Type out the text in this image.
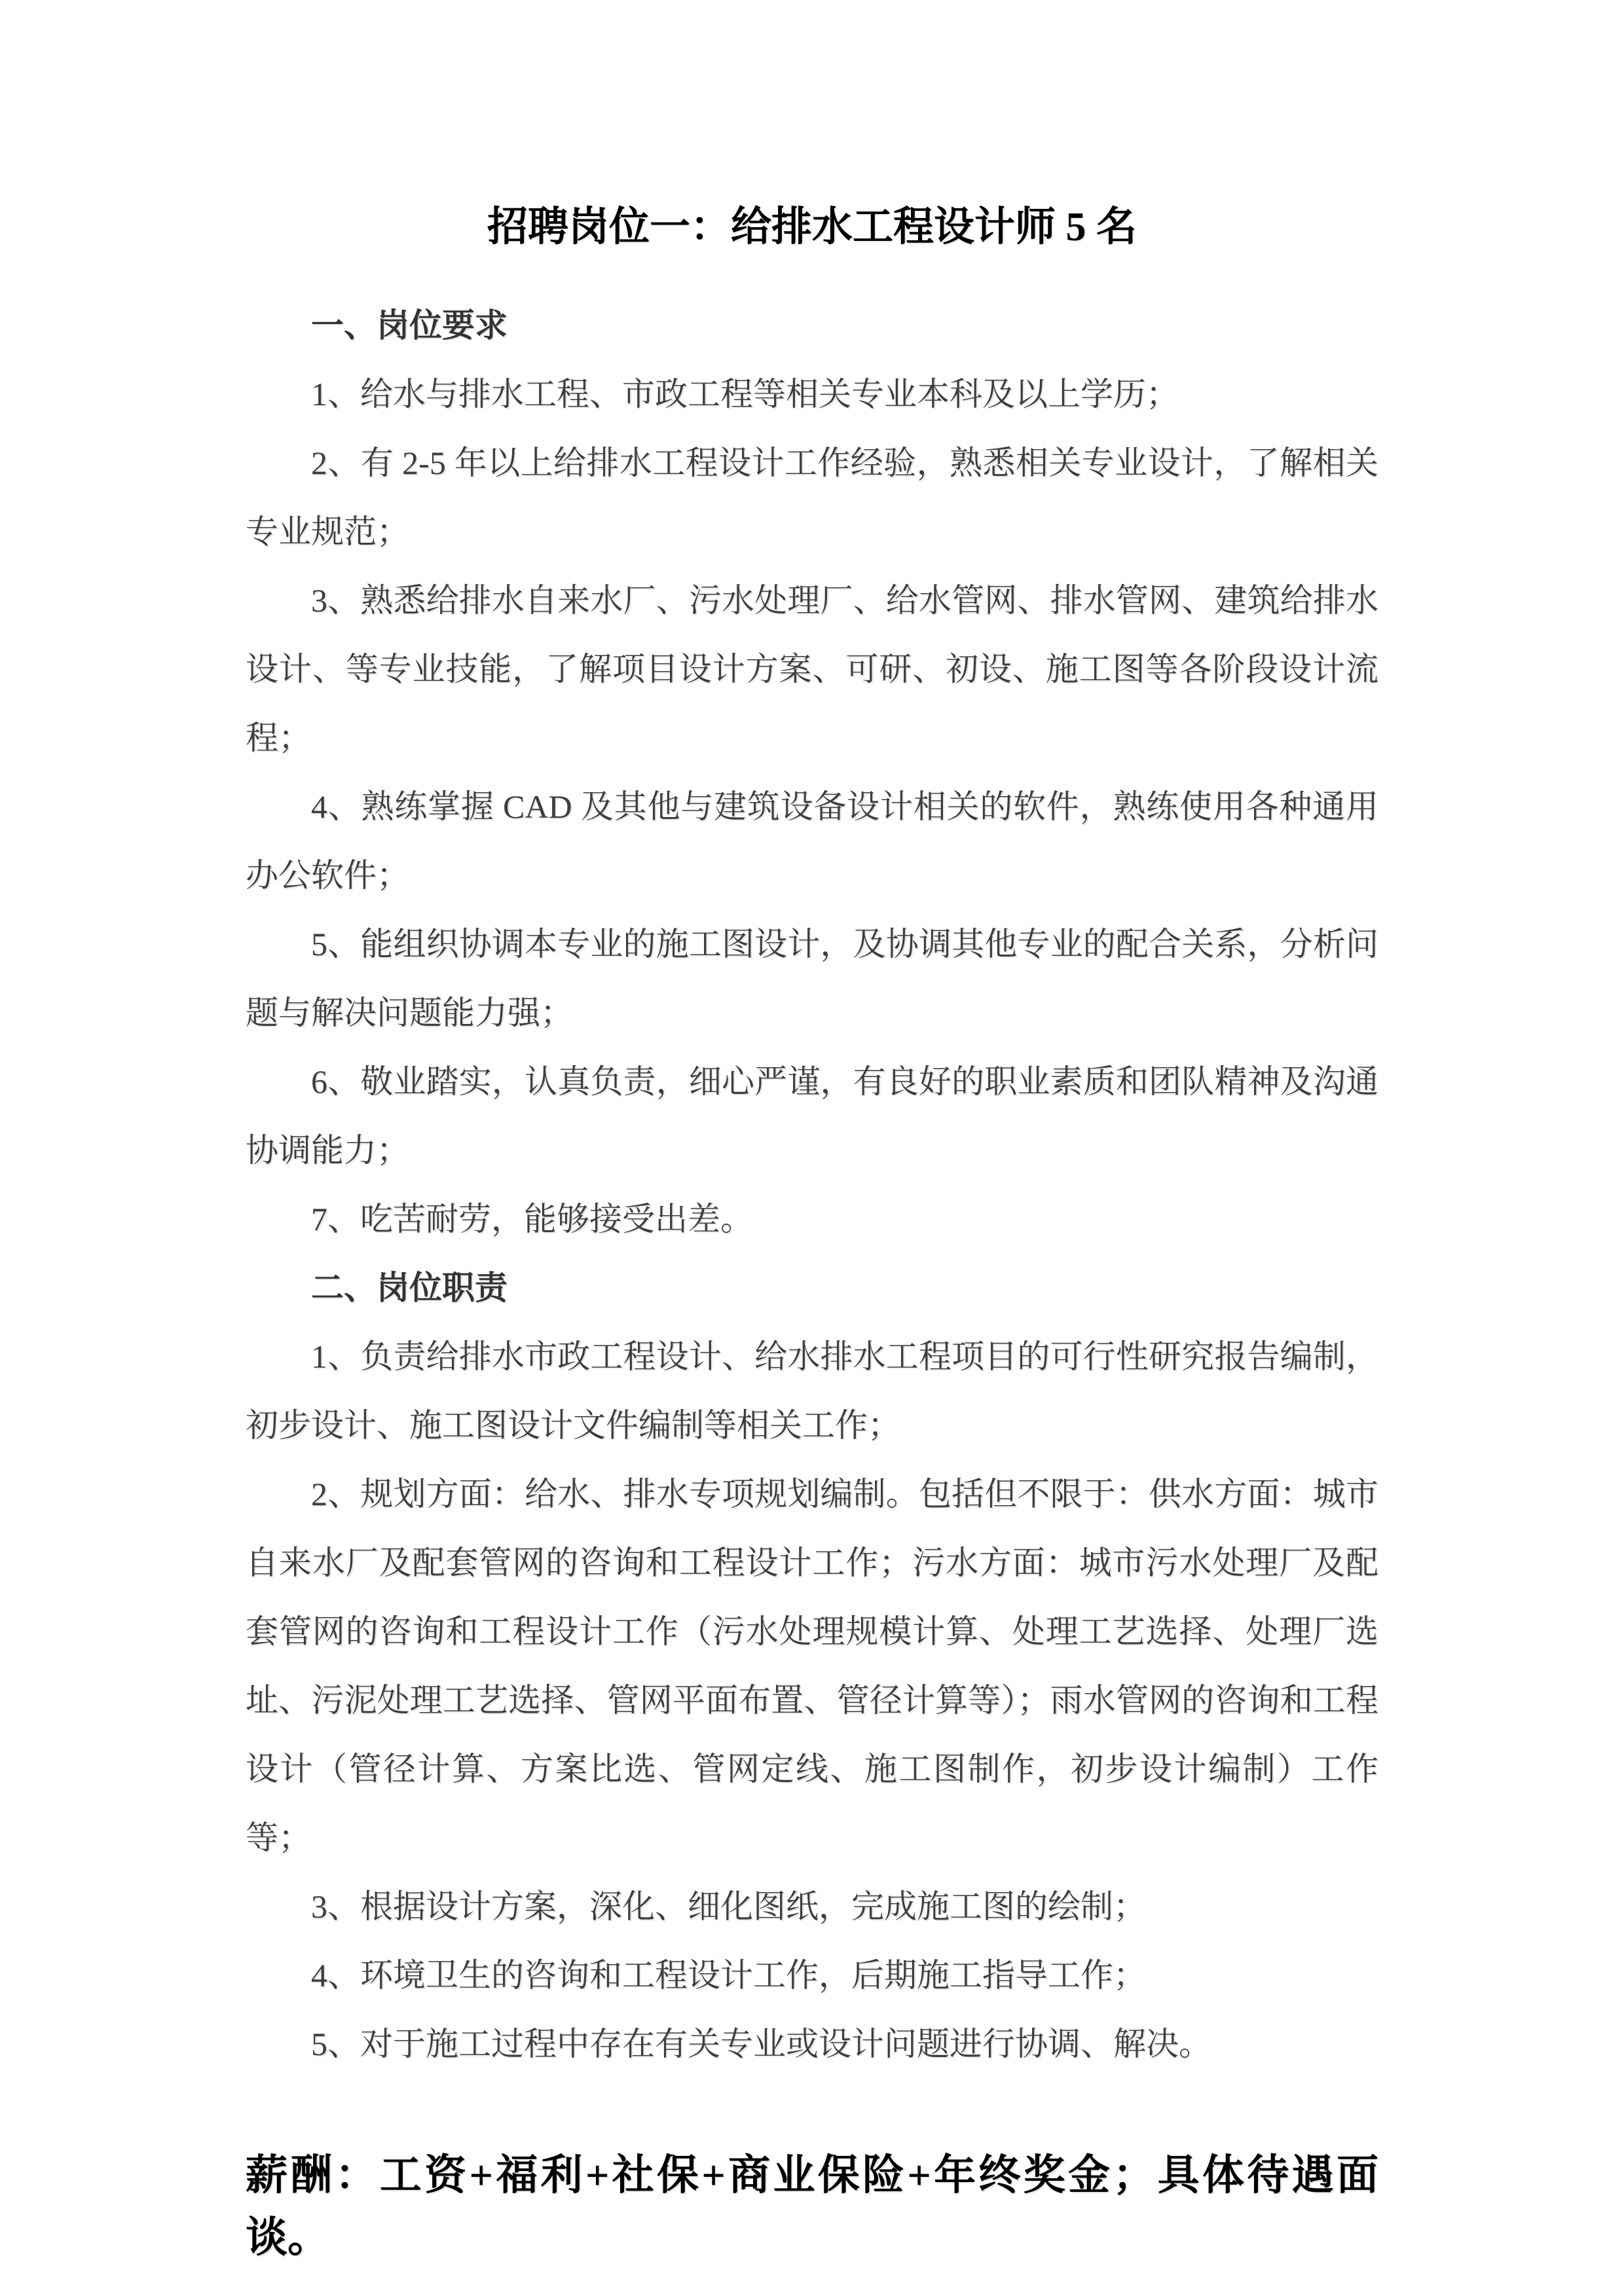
招聘岗位一：给排水工程设计师 5 名

一、岗位要求

1、给水与排水工程、市政工程等相关专业本科及以上学历；

2、有 2-5 年以上给排水工程设计工作经验，熟悉相关专业设计，了解相关专业规范；

3、熟悉给排水自来水厂、污水处理厂、给水管网、排水管网、建筑给排水设计、等专业技能，了解项目设计方案、可研、初设、施工图等各阶段设计流程；

4、熟练掌握 CAD 及其他与建筑设备设计相关的软件，熟练使用各种通用办公软件；

5、能组织协调本专业的施工图设计，及协调其他专业的配合关系，分析问题与解决问题能力强；

6、敬业踏实，认真负责，细心严谨，有良好的职业素质和团队精神及沟通协调能力；

7、吃苦耐劳，能够接受出差。

二、岗位职责

1、负责给排水市政工程设计、给水排水工程项目的可行性研究报告编制，初步设计、施工图设计文件编制等相关工作；

2、规划方面：给水、排水专项规划编制。包括但不限于：供水方面：城市自来水厂及配套管网的咨询和工程设计工作；污水方面：城市污水处理厂及配套管网的咨询和工程设计工作（污水处理规模计算、处理工艺选择、处理厂选址、污泥处理工艺选择、管网平面布置、管径计算等）；雨水管网的咨询和工程设计（管径计算、方案比选、管网定线、施工图制作，初步设计编制）工作等；

3、根据设计方案，深化、细化图纸，完成施工图的绘制；

4、环境卫生的咨询和工程设计工作，后期施工指导工作；

5、对于施工过程中存在有关专业或设计问题进行协调、解决。

薪酬：工资+福利+社保+商业保险+年终奖金；具体待遇面谈。
